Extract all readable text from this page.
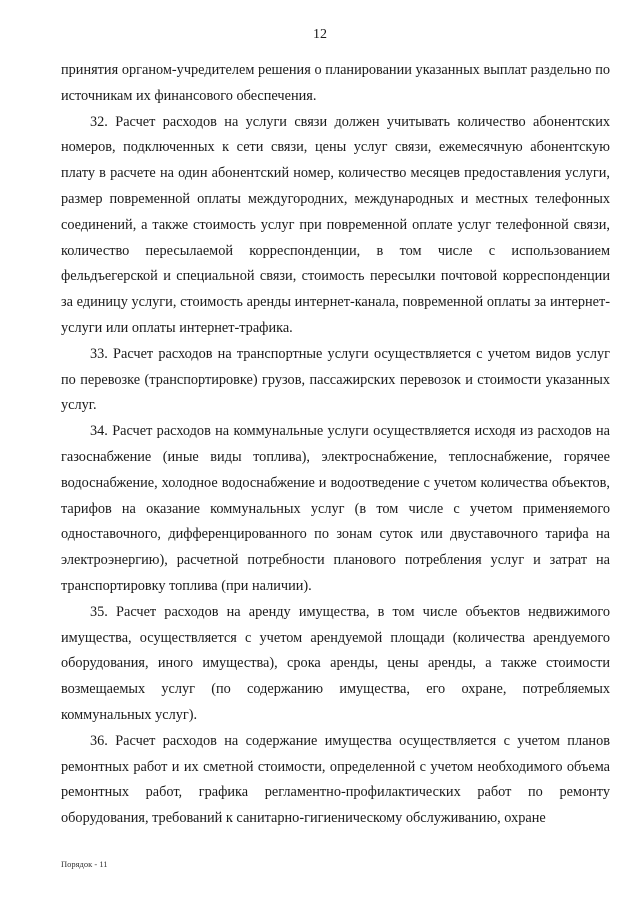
12

принятия органом-учредителем решения о планировании указанных выплат раздельно по источникам их финансового обеспечения.

32. Расчет расходов на услуги связи должен учитывать количество абонентских номеров, подключенных к сети связи, цены услуг связи, ежемесячную абонентскую плату в расчете на один абонентский номер, количество месяцев предоставления услуги, размер повременной оплаты междугородних, международных и местных телефонных соединений, а также стоимость услуг при повременной оплате услуг телефонной связи, количество пересылаемой корреспонденции, в том числе с использованием фельдъегерской и специальной связи, стоимость пересылки почтовой корреспонденции за единицу услуги, стоимость аренды интернет-канала, повременной оплаты за интернет-услуги или оплаты интернет-трафика.

33. Расчет расходов на транспортные услуги осуществляется с учетом видов услуг по перевозке (транспортировке) грузов, пассажирских перевозок и стоимости указанных услуг.

34. Расчет расходов на коммунальные услуги осуществляется исходя из расходов на газоснабжение (иные виды топлива), электроснабжение, теплоснабжение, горячее водоснабжение, холодное водоснабжение и водоотведение с учетом количества объектов, тарифов на оказание коммунальных услуг (в том числе с учетом применяемого одноставочного, дифференцированного по зонам суток или двуставочного тарифа на электроэнергию), расчетной потребности планового потребления услуг и затрат на транспортировку топлива (при наличии).

35. Расчет расходов на аренду имущества, в том числе объектов недвижимого имущества, осуществляется с учетом арендуемой площади (количества арендуемого оборудования, иного имущества), срока аренды, цены аренды, а также стоимости возмещаемых услуг (по содержанию имущества, его охране, потребляемых коммунальных услуг).

36. Расчет расходов на содержание имущества осуществляется с учетом планов ремонтных работ и их сметной стоимости, определенной с учетом необходимого объема ремонтных работ, графика регламентно-профилактических работ по ремонту оборудования, требований к санитарно-гигиеническому обслуживанию, охране

Порядок - 11
